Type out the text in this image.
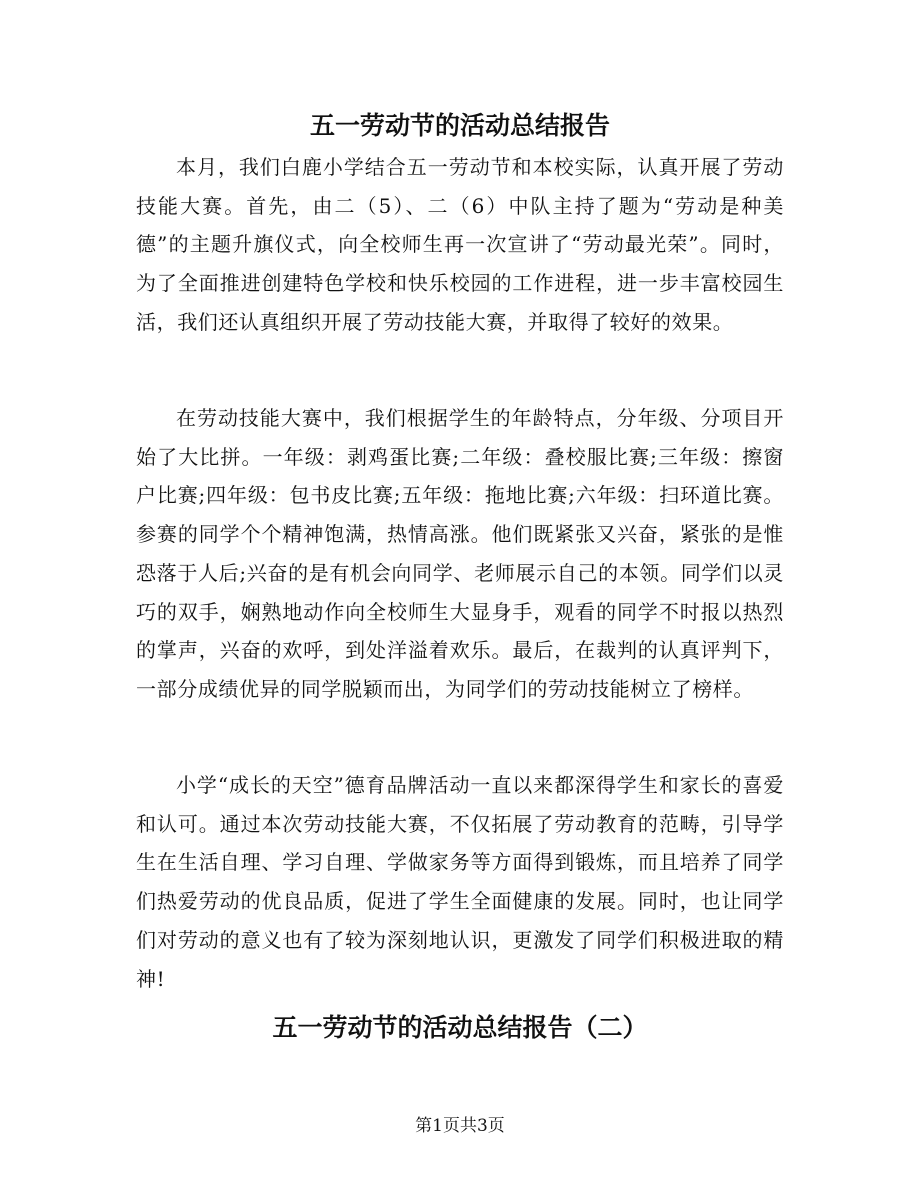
五一劳动节的活动总结报告

本月，我们白鹿小学结合五一劳动节和本校实际，认真开展了劳动技能大赛。首先，由二（5）、二（6）中队主持了题为“劳动是种美德”的主题升旗仪式，向全校师生再一次宣讲了“劳动最光荣”。同时，为了全面推进创建特色学校和快乐校园的工作进程，进一步丰富校园生活，我们还认真组织开展了劳动技能大赛，并取得了较好的效果。

在劳动技能大赛中，我们根据学生的年龄特点，分年级、分项目开始了大比拼。一年级：剥鸡蛋比赛;二年级：叠校服比赛;三年级：擦窗户比赛;四年级：包书皮比赛;五年级：拖地比赛;六年级：扫环道比赛。参赛的同学个个精神饱满，热情高涨。他们既紧张又兴奋，紧张的是惟恐落于人后;兴奋的是有机会向同学、老师展示自己的本领。同学们以灵巧的双手，娴熟地动作向全校师生大显身手，观看的同学不时报以热烈的掌声，兴奋的欢呼，到处洋溢着欢乐。最后，在裁判的认真评判下，一部分成绩优异的同学脱颖而出，为同学们的劳动技能树立了榜样。

小学“成长的天空”德育品牌活动一直以来都深得学生和家长的喜爱和认可。通过本次劳动技能大赛，不仅拓展了劳动教育的范畴，引导学生在生活自理、学习自理、学做家务等方面得到锻炼，而且培养了同学们热爱劳动的优良品质，促进了学生全面健康的发展。同时，也让同学们对劳动的意义也有了较为深刻地认识，更激发了同学们积极进取的精神!

五一劳动节的活动总结报告（二）
第1页共3页
